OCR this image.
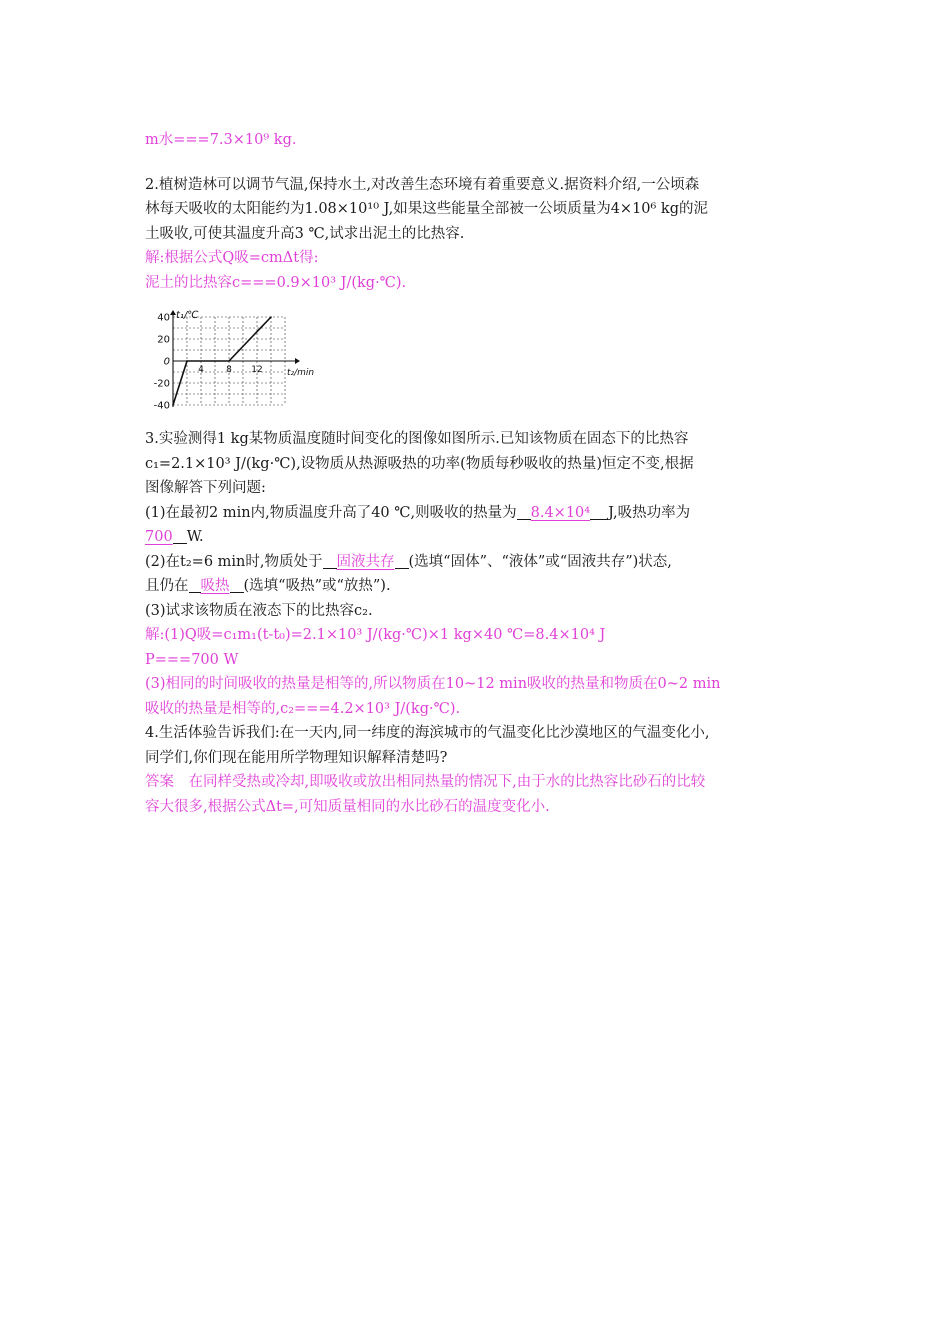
m水===7.3×10⁹ kg.

2.植树造林可以调节气温,保持水土,对改善生态环境有着重要意义.据资料介绍,一公顷森

林每天吸收的太阳能约为1.08×10¹⁰ J,如果这些能量全部被一公顷质量为4×10⁶ kg的泥

土吸收,可使其温度升高3 ℃,试求出泥土的比热容.

解:根据公式Q吸=cmΔt得:

泥土的比热容c===0.9×10³ J/(kg·℃).

40
20
0
-20
-40
4 8 12
t₁/℃
t₂/min

3.实验测得1 kg某物质温度随时间变化的图像如图所示.已知该物质在固态下的比热容

c₁=2.1×10³ J/(kg·℃),设物质从热源吸热的功率(物质每秒吸收的热量)恒定不变,根据

图像解答下列问题:

(1)在最初2 min内,物质温度升高了40 ℃,则吸收的热量为 8.4×10⁴ J,吸热功率为

700 W.

(2)在t₂=6 min时,物质处于 固液共存 (选填“固体”、“液体”或“固液共存”)状态,

且仍在 吸热 (选填“吸热”或“放热”).

(3)试求该物质在液态下的比热容c₂.

解:(1)Q吸=c₁m₁(t-t₀)=2.1×10³ J/(kg·℃)×1 kg×40 ℃=8.4×10⁴ J

P===700 W

(3)相同的时间吸收的热量是相等的,所以物质在10~12 min吸收的热量和物质在0~2 min

吸收的热量是相等的,c₂===4.2×10³ J/(kg·℃).

4.生活体验告诉我们:在一天内,同一纬度的海滨城市的气温变化比沙漠地区的气温变化小,

同学们,你们现在能用所学物理知识解释清楚吗?

答案　在同样受热或冷却,即吸收或放出相同热量的情况下,由于水的比热容比砂石的比较

容大很多,根据公式Δt=,可知质量相同的水比砂石的温度变化小.
